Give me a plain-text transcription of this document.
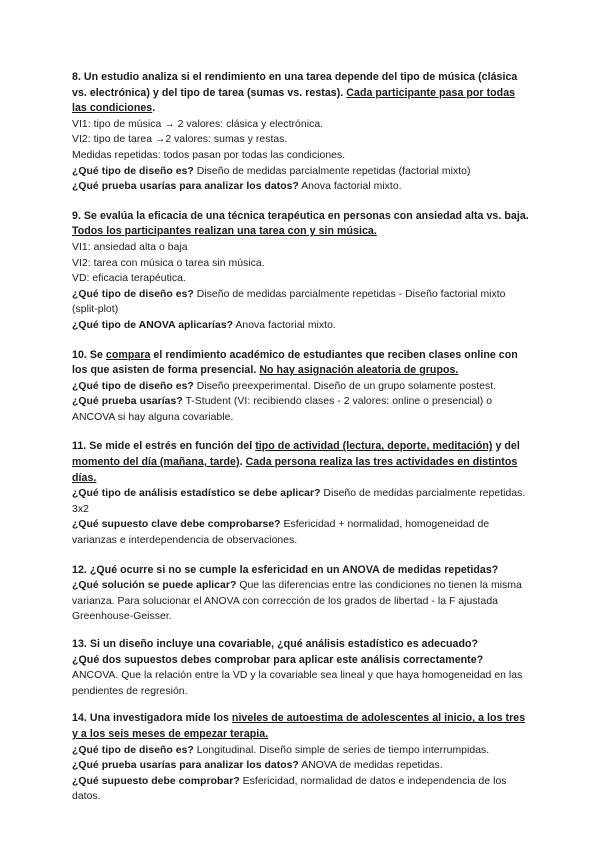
8. Un estudio analiza si el rendimiento en una tarea depende del tipo de música (clásica vs. electrónica) y del tipo de tarea (sumas vs. restas). Cada participante pasa por todas las condiciones.

VI1: tipo de música → 2 valores: clásica y electrónica.

VI2: tipo de tarea →2 valores: sumas y restas.

Medidas repetidas: todos pasan por todas las condiciones.

¿Qué tipo de diseño es? Diseño de medidas parcialmente repetidas (factorial mixto)

¿Qué prueba usarías para analizar los datos? Anova factorial mixto.

9. Se evalúa la eficacia de una técnica terapéutica en personas con ansiedad alta vs. baja. Todos los participantes realizan una tarea con y sin música.

VI1: ansiedad alta o baja

VI2: tarea con música o tarea sin música.

VD: eficacia terapéutica.

¿Qué tipo de diseño es? Diseño de medidas parcialmente repetidas - Diseño factorial mixto (split-plot)

¿Qué tipo de ANOVA aplicarías? Anova factorial mixto.

10. Se compara el rendimiento académico de estudiantes que reciben clases online con los que asisten de forma presencial. No hay asignación aleatoria de grupos.

¿Qué tipo de diseño es? Diseño preexperimental. Diseño de un grupo solamente postest.

¿Qué prueba usarías? T-Student (VI: recibiendo clases - 2 valores: online o presencial) o ANCOVA si hay alguna covariable.

11. Se mide el estrés en función del tipo de actividad (lectura, deporte, meditación) y del momento del día (mañana, tarde). Cada persona realiza las tres actividades en distintos días.

¿Qué tipo de análisis estadístico se debe aplicar? Diseño de medidas parcialmente repetidas. 3x2

¿Qué supuesto clave debe comprobarse? Esfericidad + normalidad, homogeneidad de varianzas e interdependencia de observaciones.

12. ¿Qué ocurre si no se cumple la esfericidad en un ANOVA de medidas repetidas?

¿Qué solución se puede aplicar? Que las diferencias entre las condiciones no tienen la misma varianza. Para solucionar el ANOVA con corrección de los grados de libertad - la F ajustada Greenhouse-Geisser.

13. Si un diseño incluye una covariable, ¿qué análisis estadístico es adecuado?

¿Qué dos supuestos debes comprobar para aplicar este análisis correctamente?

ANCOVA. Que la relación entre la VD y la covariable sea lineal y que haya homogeneidad en las pendientes de regresión.

14. Una investigadora mide los niveles de autoestima de adolescentes al inicio, a los tres y a los seis meses de empezar terapia.

¿Qué tipo de diseño es? Longitudinal. Diseño simple de series de tiempo interrumpidas.

¿Qué prueba usarías para analizar los datos? ANOVA de medidas repetidas.

¿Qué supuesto debe comprobar? Esfericidad, normalidad de datos e independencia de los datos.
